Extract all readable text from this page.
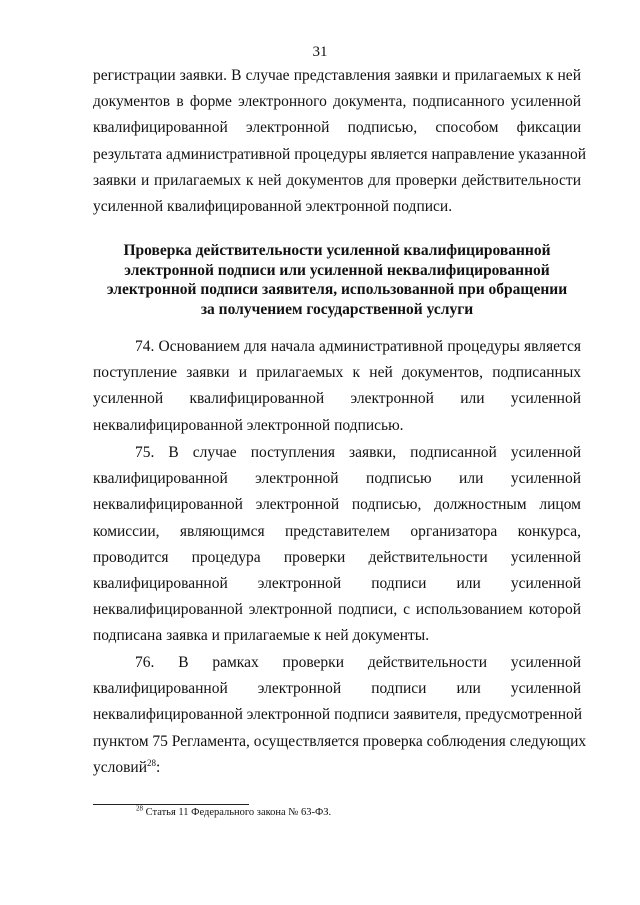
31
регистрации заявки. В случае представления заявки и прилагаемых к ней
документов в форме электронного документа, подписанного усиленной
квалифицированной электронной подписью, способом фиксации
результата административной процедуры является направление указанной
заявки и прилагаемых к ней документов для проверки действительности
усиленной квалифицированной электронной подписи.
Проверка действительности усиленной квалифицированной
электронной подписи или усиленной неквалифицированной
электронной подписи заявителя, использованной при обращении
за получением государственной услуги
74. Основанием для начала административной процедуры является
поступление заявки и прилагаемых к ней документов, подписанных
усиленной квалифицированной электронной или усиленной
неквалифицированной электронной подписью.
75. В случае поступления заявки, подписанной усиленной
квалифицированной электронной подписью или усиленной
неквалифицированной электронной подписью, должностным лицом
комиссии, являющимся представителем организатора конкурса,
проводится процедура проверки действительности усиленной
квалифицированной электронной подписи или усиленной
неквалифицированной электронной подписи, с использованием которой
подписана заявка и прилагаемые к ней документы.
76. В рамках проверки действительности усиленной
квалифицированной электронной подписи или усиленной
неквалифицированной электронной подписи заявителя, предусмотренной
пунктом 75 Регламента, осуществляется проверка соблюдения следующих
условий$^{28}$:
$^{28}$ Статья 11 Федерального закона № 63-ФЗ.
